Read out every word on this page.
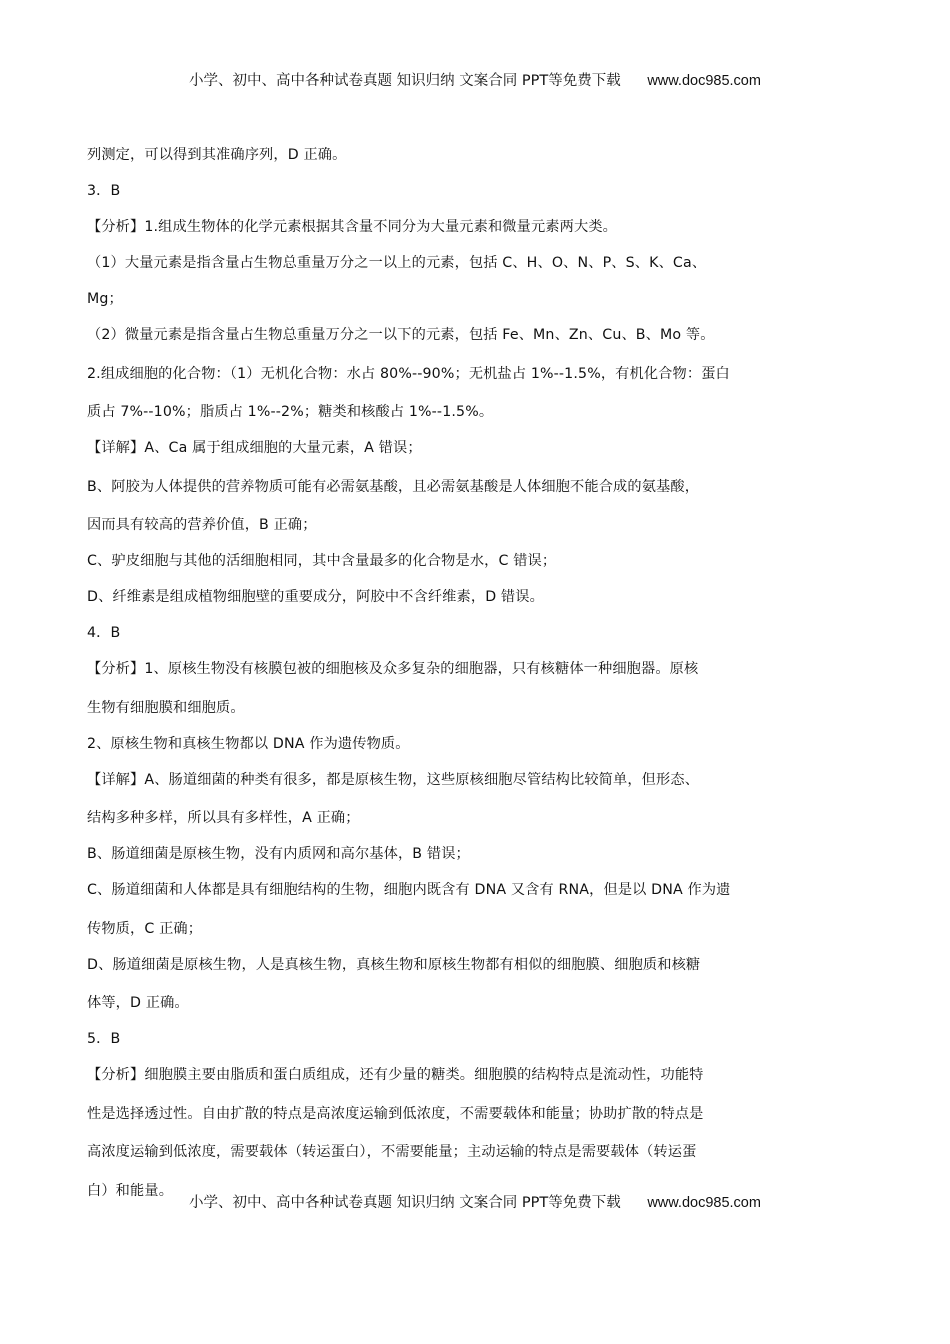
小学、初中、高中各种试卷真题 知识归纳 文案合同 PPT等免费下载 www.doc985.com
列测定，可以得到其准确序列，D 正确。
3．B
【分析】1.组成生物体的化学元素根据其含量不同分为大量元素和微量元素两大类。
（1）大量元素是指含量占生物总重量万分之一以上的元素，包括 C、H、O、N、P、S、K、Ca、
Mg；
（2）微量元素是指含量占生物总重量万分之一以下的元素，包括 Fe、Mn、Zn、Cu、B、Mo 等。
2.组成细胞的化合物：（1）无机化合物：水占 80%--90%；无机盐占 1%--1.5%，有机化合物：蛋白
质占 7%--10%；脂质占 1%--2%；糖类和核酸占 1%--1.5%。
【详解】A、Ca 属于组成细胞的大量元素，A 错误；
B、阿胶为人体提供的营养物质可能有必需氨基酸，且必需氨基酸是人体细胞不能合成的氨基酸，
因而具有较高的营养价值，B 正确；
C、驴皮细胞与其他的活细胞相同，其中含量最多的化合物是水，C 错误；
D、纤维素是组成植物细胞壁的重要成分，阿胶中不含纤维素，D 错误。
4．B
【分析】1、原核生物没有核膜包被的细胞核及众多复杂的细胞器，只有核糖体一种细胞器。原核
生物有细胞膜和细胞质。
2、原核生物和真核生物都以 DNA 作为遗传物质。
【详解】A、肠道细菌的种类有很多，都是原核生物，这些原核细胞尽管结构比较简单，但形态、
结构多种多样，所以具有多样性，A 正确；
B、肠道细菌是原核生物，没有内质网和高尔基体，B 错误；
C、肠道细菌和人体都是具有细胞结构的生物，细胞内既含有 DNA 又含有 RNA，但是以 DNA 作为遗
传物质，C 正确；
D、肠道细菌是原核生物，人是真核生物，真核生物和原核生物都有相似的细胞膜、细胞质和核糖
体等，D 正确。
5．B
【分析】细胞膜主要由脂质和蛋白质组成，还有少量的糖类。细胞膜的结构特点是流动性，功能特
性是选择透过性。自由扩散的特点是高浓度运输到低浓度，不需要载体和能量；协助扩散的特点是
高浓度运输到低浓度，需要载体（转运蛋白），不需要能量；主动运输的特点是需要载体（转运蛋
白）和能量。
小学、初中、高中各种试卷真题 知识归纳 文案合同 PPT等免费下载 www.doc985.com
